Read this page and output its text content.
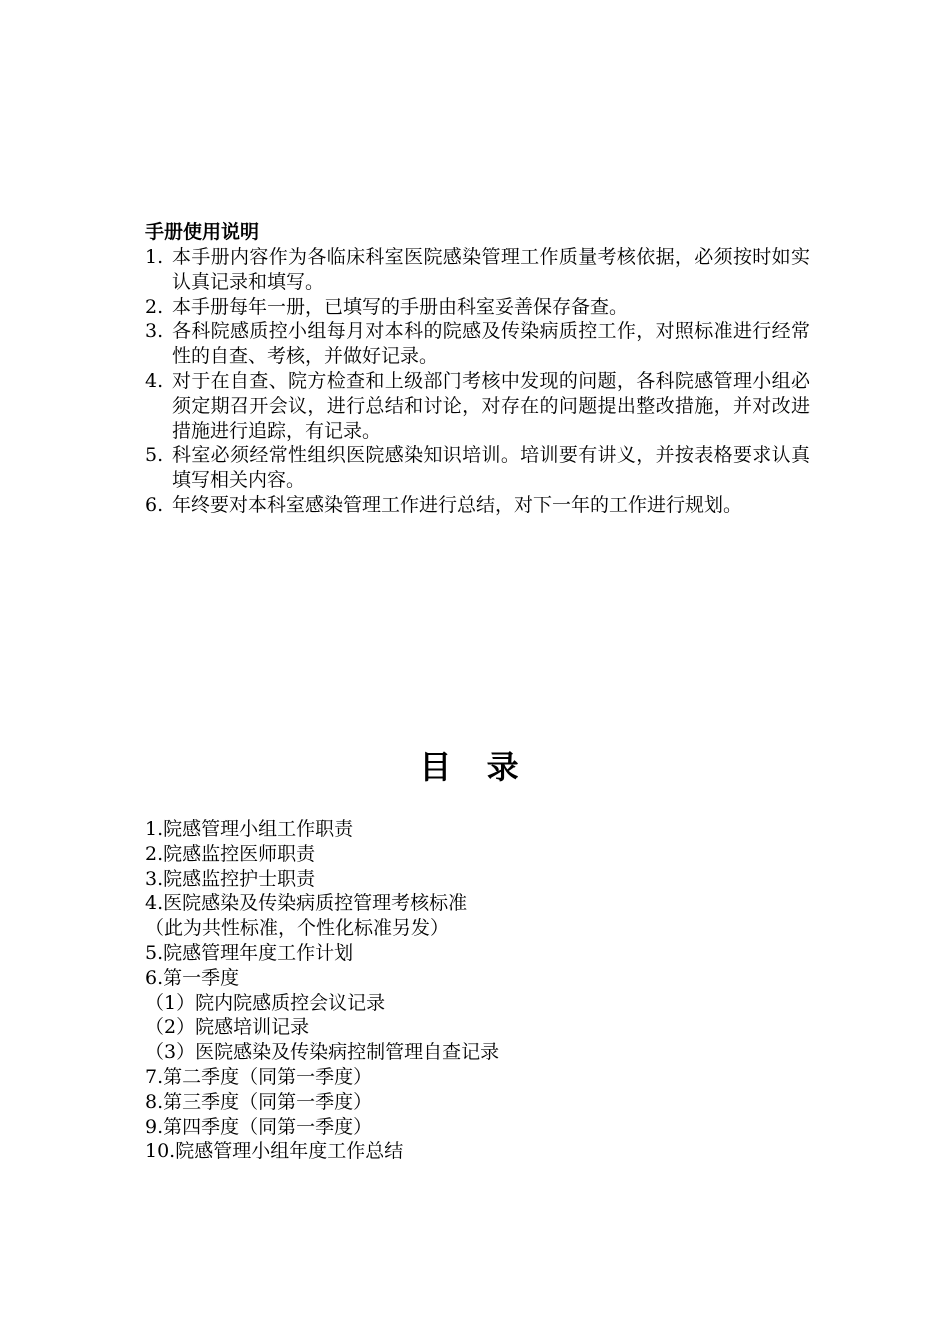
手册使用说明
1. 本手册内容作为各临床科室医院感染管理工作质量考核依据，必须按时如实认真记录和填写。
2. 本手册每年一册，已填写的手册由科室妥善保存备查。
3. 各科院感质控小组每月对本科的院感及传染病质控工作，对照标准进行经常性的自查、考核，并做好记录。
4. 对于在自查、院方检查和上级部门考核中发现的问题，各科院感管理小组必须定期召开会议，进行总结和讨论，对存在的问题提出整改措施，并对改进措施进行追踪，有记录。
5. 科室必须经常性组织医院感染知识培训。培训要有讲义，并按表格要求认真填写相关内容。
6. 年终要对本科室感染管理工作进行总结，对下一年的工作进行规划。
目 录
1.院感管理小组工作职责
2.院感监控医师职责
3.院感监控护士职责
4.医院感染及传染病质控管理考核标准
（此为共性标准，个性化标准另发）
5.院感管理年度工作计划
6.第一季度
（1）院内院感质控会议记录
（2）院感培训记录
（3）医院感染及传染病控制管理自查记录
7.第二季度（同第一季度）
8.第三季度（同第一季度）
9.第四季度（同第一季度）
10.院感管理小组年度工作总结
